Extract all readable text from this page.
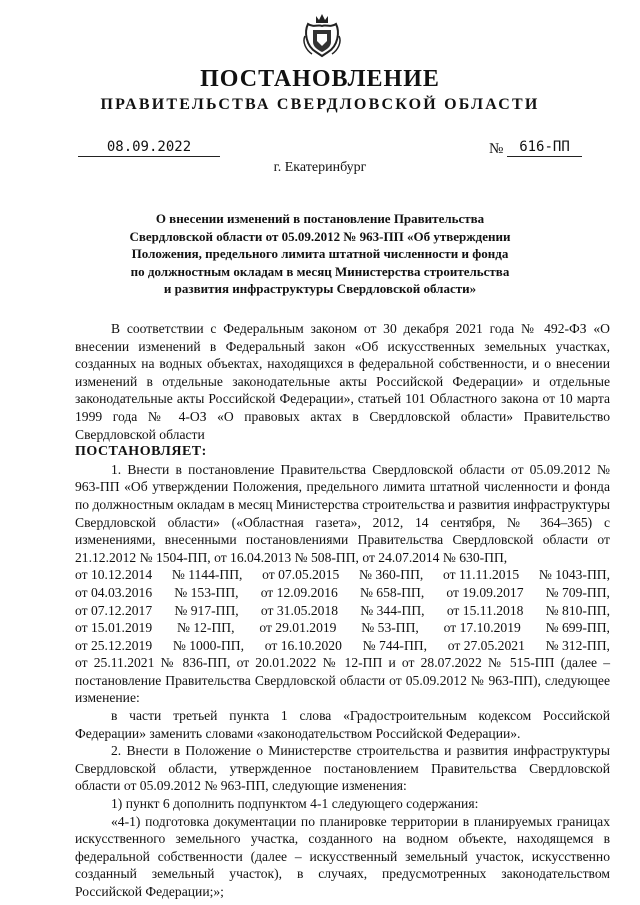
ПОСТАНОВЛЕНИЕ
ПРАВИТЕЛЬСТВА СВЕРДЛОВСКОЙ ОБЛАСТИ
08.09.2022	№	616-ПП
г. Екатеринбург
О внесении изменений в постановление Правительства
Свердловской области от 05.09.2012 № 963-ПП «Об утверждении
Положения, предельного лимита штатной численности и фонда
по должностным окладам в месяц Министерства строительства
и развития инфраструктуры Свердловской области»

В соответствии с Федеральным законом от 30 декабря 2021 года № 492-ФЗ «О внесении изменений в Федеральный закон «Об искусственных земельных участках, созданных на водных объектах, находящихся в федеральной собственности, и о внесении изменений в отдельные законодательные акты Российской Федерации» и отдельные законодательные акты Российской Федерации», статьей 101 Областного закона от 10 марта 1999 года № 4-ОЗ «О правовых актах в Свердловской области» Правительство Свердловской области

ПОСТАНОВЛЯЕТ:

1. Внести в постановление Правительства Свердловской области от 05.09.2012 № 963-ПП «Об утверждении Положения, предельного лимита штатной численности и фонда по должностным окладам в месяц Министерства строительства и развития инфраструктуры Свердловской области» («Областная газета», 2012, 14 сентября, № 364–365) с изменениями, внесенными постановлениями Правительства Свердловской области от 21.12.2012 № 1504-ПП, от 16.04.2013 № 508-ПП, от 24.07.2014 № 630-ПП,

от 10.12.2014 № 1144-ПП, от 07.05.2015 № 360-ПП, от 11.11.2015 № 1043-ПП,
от 04.03.2016 № 153-ПП, от 12.09.2016 № 658-ПП, от 19.09.2017 № 709-ПП,
от 07.12.2017 № 917-ПП, от 31.05.2018 № 344-ПП, от 15.11.2018 № 810-ПП,
от 15.01.2019 № 12-ПП, от 29.01.2019 № 53-ПП, от 17.10.2019 № 699-ПП,
от 25.12.2019 № 1000-ПП, от 16.10.2020 № 744-ПП, от 27.05.2021 № 312-ПП,

от 25.11.2021 № 836-ПП, от 20.01.2022 № 12-ПП и от 28.07.2022 № 515-ПП (далее – постановление Правительства Свердловской области от 05.09.2012 № 963-ПП), следующее изменение:

в части третьей пункта 1 слова «Градостроительным кодексом Российской Федерации» заменить словами «законодательством Российской Федерации».

2. Внести в Положение о Министерстве строительства и развития инфраструктуры Свердловской области, утвержденное постановлением Правительства Свердловской области от 05.09.2012 № 963-ПП, следующие изменения:

1) пункт 6 дополнить подпунктом 4-1 следующего содержания:

«4-1) подготовка документации по планировке территории в планируемых границах искусственного земельного участка, созданного на водном объекте, находящемся в федеральной собственности (далее – искусственный земельный участок, искусственно созданный земельный участок), в случаях, предусмотренных законодательством Российской Федерации;»;
